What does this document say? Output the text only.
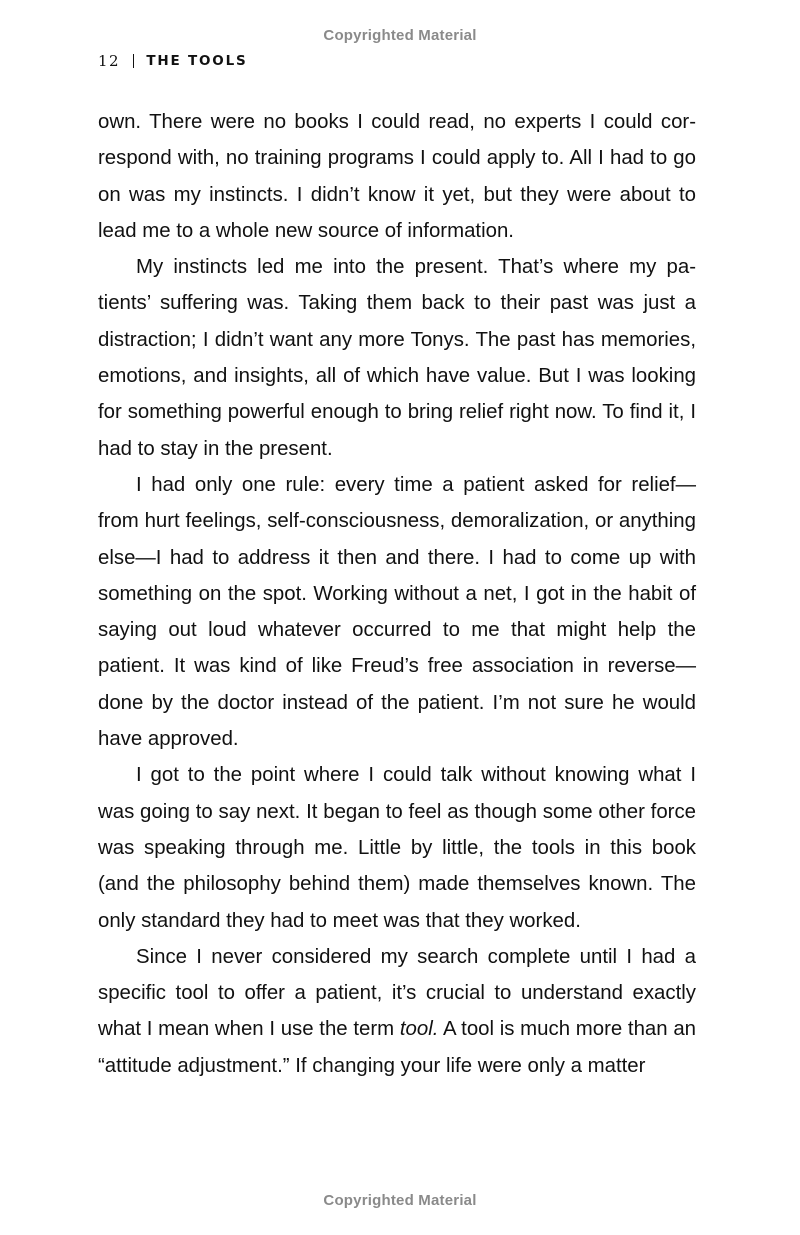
Copyrighted Material
12 THE TOOLS

own. There were no books I could read, no experts I could correspond with, no training programs I could apply to. All I had to go on was my instincts. I didn’t know it yet, but they were about to lead me to a whole new source of information.

My instincts led me into the present. That’s where my patients’ suffering was. Taking them back to their past was just a distraction; I didn’t want any more Tonys. The past has memories, emotions, and insights, all of which have value. But I was looking for something powerful enough to bring relief right now. To find it, I had to stay in the present.

I had only one rule: every time a patient asked for relief— from hurt feelings, self-consciousness, demoralization, or anything else—I had to address it then and there. I had to come up with something on the spot. Working without a net, I got in the habit of saying out loud whatever occurred to me that might help the patient. It was kind of like Freud’s free association in reverse—done by the doctor instead of the patient. I’m not sure he would have approved.

I got to the point where I could talk without knowing what I was going to say next. It began to feel as though some other force was speaking through me. Little by little, the tools in this book (and the philosophy behind them) made themselves known. The only standard they had to meet was that they worked.

Since I never considered my search complete until I had a specific tool to offer a patient, it’s crucial to understand exactly what I mean when I use the term tool. A tool is much more than an “attitude adjustment.” If changing your life were only a matter

Copyrighted Material
